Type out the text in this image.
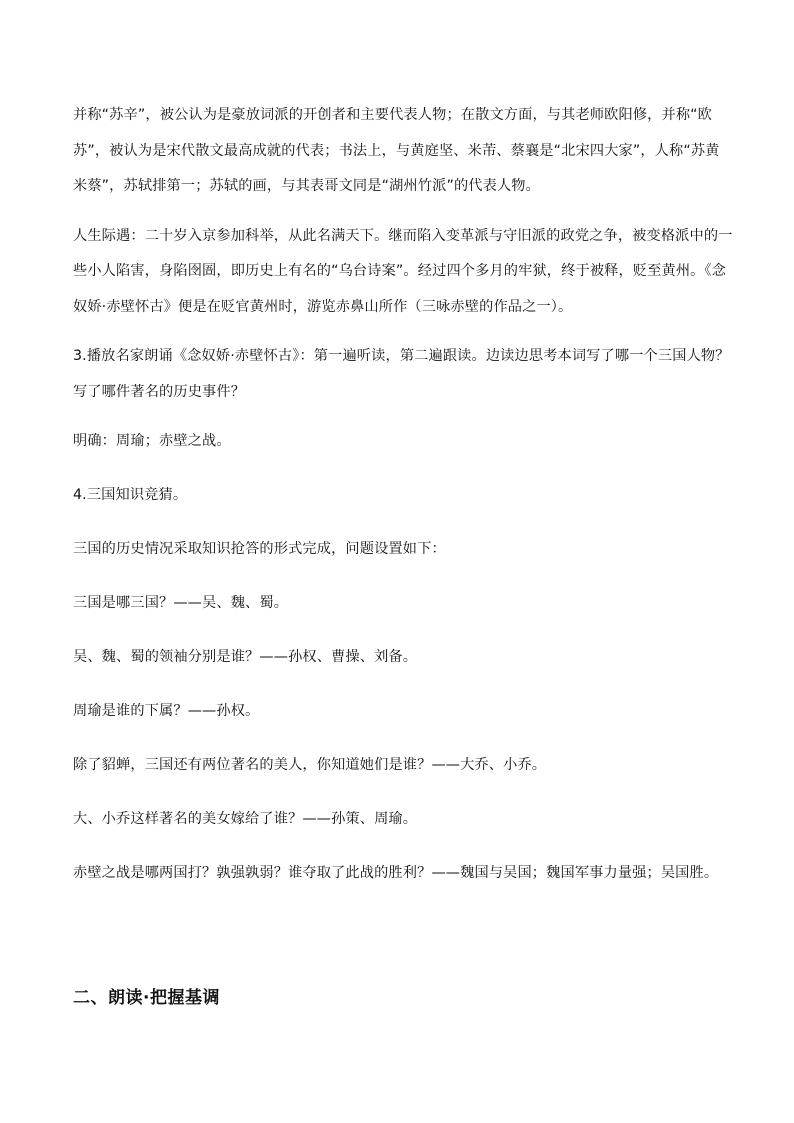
并称“苏辛”，被公认为是豪放词派的开创者和主要代表人物；在散文方面，与其老师欧阳修，并称“欧苏”，被认为是宋代散文最高成就的代表；书法上，与黄庭坚、米芾、蔡襄是“北宋四大家”，人称“苏黄米蔡”，苏轼排第一；苏轼的画，与其表哥文同是“湖州竹派”的代表人物。

人生际遇：二十岁入京参加科举，从此名满天下。继而陷入变革派与守旧派的政党之争，被变格派中的一些小人陷害，身陷囹圄，即历史上有名的“乌台诗案”。经过四个多月的牢狱，终于被释，贬至黄州。《念奴娇·赤壁怀古》便是在贬官黄州时，游览赤鼻山所作（三咏赤壁的作品之一）。

3.播放名家朗诵《念奴娇·赤壁怀古》：第一遍听读，第二遍跟读。边读边思考本词写了哪一个三国人物？写了哪件著名的历史事件？

明确：周瑜；赤壁之战。

4.三国知识竞猜。

三国的历史情况采取知识抢答的形式完成，问题设置如下：

三国是哪三国？——吴、魏、蜀。

吴、魏、蜀的领袖分别是谁？——孙权、曹操、刘备。

周瑜是谁的下属？——孙权。

除了貂蝉，三国还有两位著名的美人，你知道她们是谁？——大乔、小乔。

大、小乔这样著名的美女嫁给了谁？——孙策、周瑜。

赤壁之战是哪两国打？孰强孰弱？谁夺取了此战的胜利？——魏国与吴国；魏国军事力量强；吴国胜。

二、朗读·把握基调
